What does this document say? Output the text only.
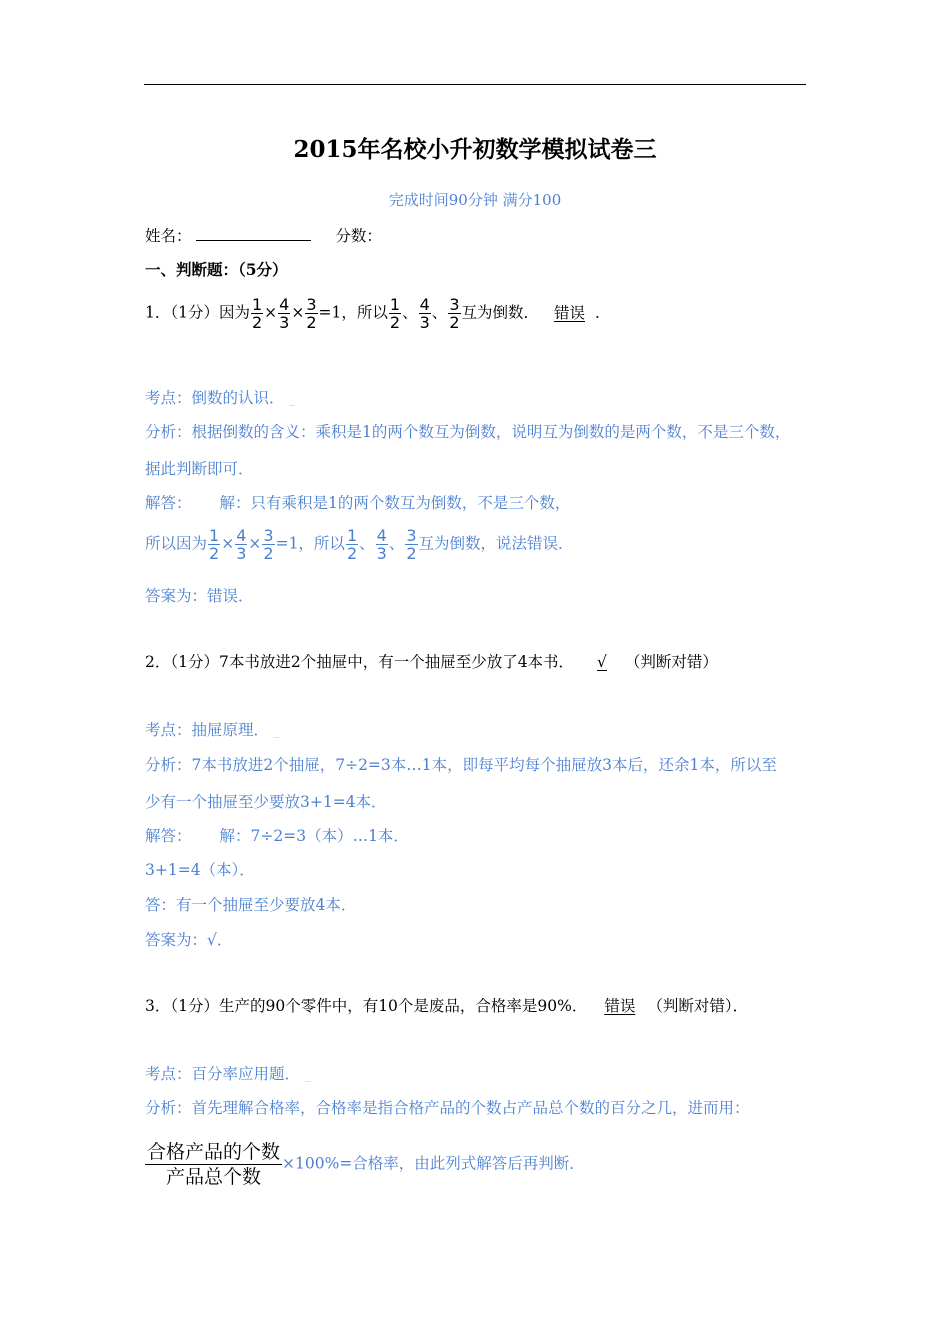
2015年名校小升初数学模拟试卷三
完成时间90分钟 满分100
姓名：	分数：
一、判断题：（5分）
1．（1分）因为 $\frac{1}{2} \times \frac{4}{3} \times \frac{3}{2} =1$，所以 $\frac{1}{2}$ 、 $\frac{4}{3}$ 、 $\frac{3}{2}$ 互为倒数． 错误 ．
考点：倒数的认识． _
分析：根据倒数的含义：乘积是1的两个数互为倒数，说明互为倒数的是两个数，不是三个数，
据此判断即可．
解答： 解：只有乘积是1的两个数互为倒数，不是三个数，
所以因为 $\frac{1}{2} \times \frac{4}{3} \times \frac{3}{2} =1$，所以 $\frac{1}{2}$ 、 $\frac{4}{3}$ 、 $\frac{3}{2}$ 互为倒数，说法错误．
答案为：错误．
2．（1分）7本书放进2个抽屉中，有一个抽屉至少放了4本书． √ （判断对错）
考点：抽屉原理． _
分析：7本书放进2个抽屉，7÷2=3本…1本，即每平均每个抽屉放3本后，还余1本，所以至
少有一个抽屉至少要放3+1=4本．
解答： 解：7÷2=3（本）…1本．
3+1=4（本）．
答：有一个抽屉至少要放4本．
答案为：√．
3．（1分）生产的90个零件中，有10个是废品，合格率是90%． 错误 （判断对错）．
考点：百分率应用题． _
分析：首先理解合格率，合格率是指合格产品的个数占产品总个数的百分之几，进而用：
$\frac{\text{合格产品的个数}}{\text{产品总个数}} \times 100\%=$合格率，由此列式解答后再判断．
